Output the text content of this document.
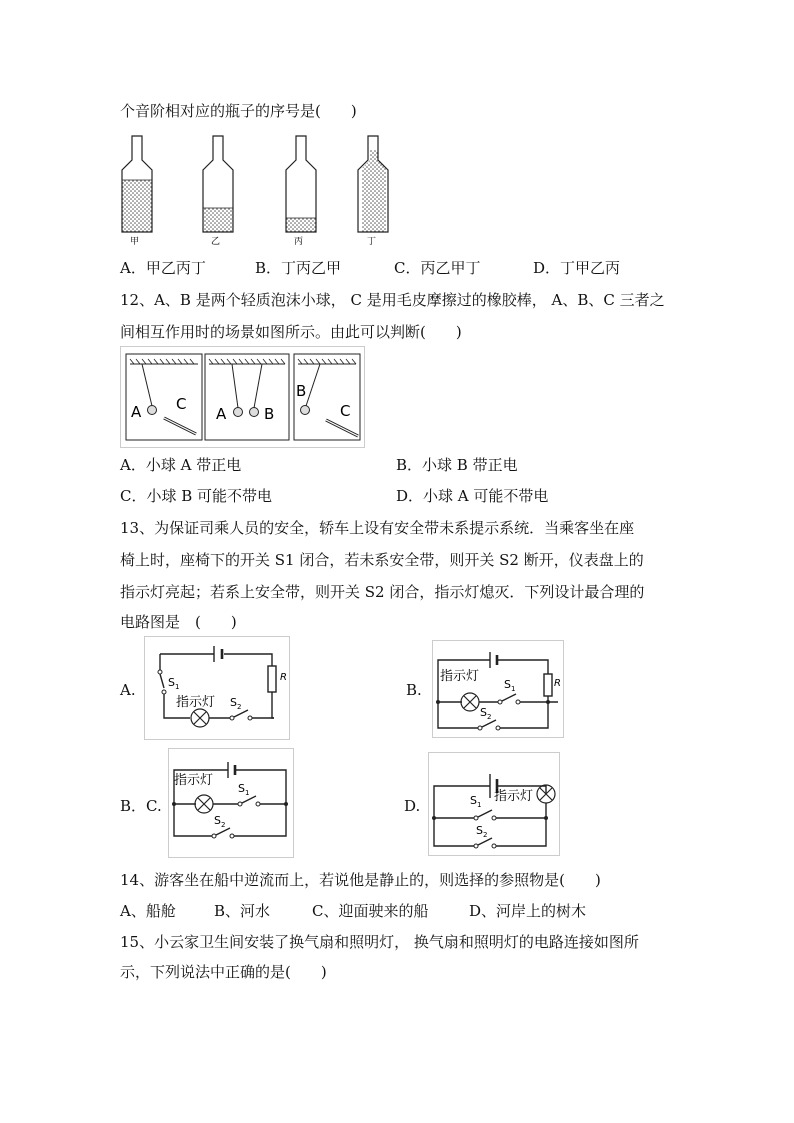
个音阶相对应的瓶子的序号是(　　)
甲	乙	丙	丁
A．甲乙丙丁	B．丁丙乙甲	C．丙乙甲丁	D．丁甲乙丙
12、A、B 是两个轻质泡沫小球， C 是用毛皮摩擦过的橡胶棒， A、B、C 三者之
间相互作用时的场景如图所示。由此可以判断(　　)
A C
A	B
B
C
A．小球 A 带正电	B．小球 B 带正电
C．小球 B 可能不带电	D．小球 A 可能不带电
13、为保证司乘人员的安全，轿车上设有安全带未系提示系统．当乘客坐在座
椅上时，座椅下的开关 S1 闭合，若未系安全带，则开关 S2 断开，仪表盘上的
指示灯亮起；若系上安全带，则开关 S2 闭合，指示灯熄灭．下列设计最合理的
电路图是　(　　)
A.	B.
B．C.	D.
R
$S_1$
指示灯 $S_2$
R
指示灯
$S_1$
$S_2$
指示灯
$S_1$
$S_2$
指示灯
$S_1$
$S_2$
14、游客坐在船中逆流而上，若说他是静止的，则选择的参照物是(　　)
A、船舱	B、河水	C、迎面驶来的船	D、河岸上的树木
15、小云家卫生间安装了换气扇和照明灯， 换气扇和照明灯的电路连接如图所
示，下列说法中正确的是(　　)
